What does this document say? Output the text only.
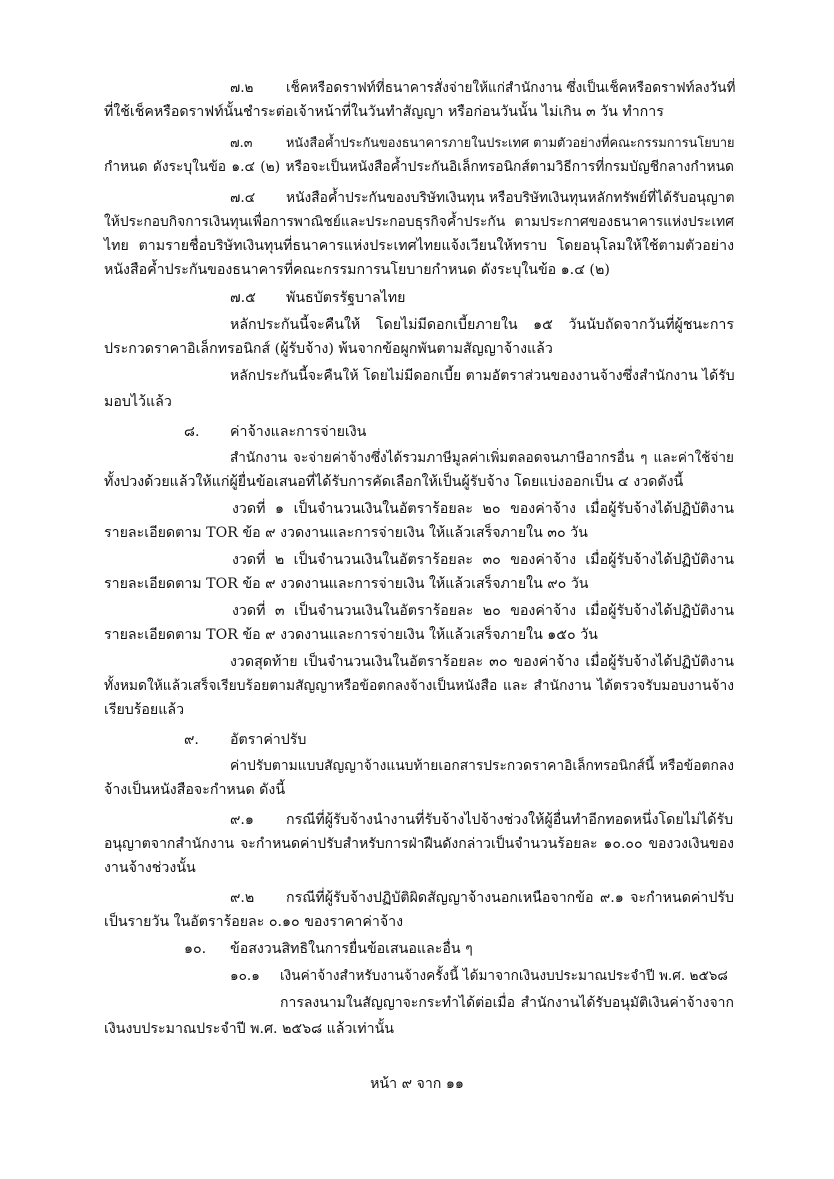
๗.๒ เช็คหรือดราฟท์ที่ธนาคารสั่งจ่ายให้แก่สำนักงาน ซึ่งเป็นเช็คหรือดราฟท์ลงวันที่
ที่ใช้เช็คหรือดราฟท์นั้นชำระต่อเจ้าหน้าที่ในวันทำสัญญา หรือก่อนวันนั้น ไม่เกิน ๓ วัน ทำการ
๗.๓	หนังสือค้ำประกันของธนาคารภายในประเทศ ตามตัวอย่างที่คณะกรรมการนโยบาย
กำหนด ดังระบุในข้อ ๑.๔ (๒) หรือจะเป็นหนังสือค้ำประกันอิเล็กทรอนิกส์ตามวิธีการที่กรมบัญชีกลางกำหนด
๗.๔ หนังสือค้ำประกันของบริษัทเงินทุน หรือบริษัทเงินทุนหลักทรัพย์ที่ได้รับอนุญาต
ให้ประกอบกิจการเงินทุนเพื่อการพาณิชย์และประกอบธุรกิจค้ำประกัน ตามประกาศของธนาคารแห่งประเทศ
ไทย ตามรายชื่อบริษัทเงินทุนที่ธนาคารแห่งประเทศไทยแจ้งเวียนให้ทราบ โดยอนุโลมให้ใช้ตามตัวอย่าง
หนังสือค้ำประกันของธนาคารที่คณะกรรมการนโยบายกำหนด ดังระบุในข้อ ๑.๔ (๒)
๗.๕ พันธบัตรรัฐบาลไทย
หลักประกันนี้จะคืนให้ โดยไม่มีดอกเบี้ยภายใน ๑๕ วันนับถัดจากวันที่ผู้ชนะการ
ประกวดราคาอิเล็กทรอนิกส์ (ผู้รับจ้าง) พ้นจากข้อผูกพันตามสัญญาจ้างแล้ว
หลักประกันนี้จะคืนให้ โดยไม่มีดอกเบี้ย ตามอัตราส่วนของงานจ้างซึ่งสำนักงาน ได้รับ
มอบไว้แล้ว
๘. ค่าจ้างและการจ่ายเงิน
สำนักงาน จะจ่ายค่าจ้างซึ่งได้รวมภาษีมูลค่าเพิ่มตลอดจนภาษีอากรอื่น ๆ และค่าใช้จ่าย
ทั้งปวงด้วยแล้วให้แก่ผู้ยื่นข้อเสนอที่ได้รับการคัดเลือกให้เป็นผู้รับจ้าง โดยแบ่งออกเป็น ๔ งวดดังนี้
งวดที่ ๑ เป็นจำนวนเงินในอัตราร้อยละ ๒๐ ของค่าจ้าง เมื่อผู้รับจ้างได้ปฏิบัติงาน
รายละเอียดตาม TOR ข้อ ๙ งวดงานและการจ่ายเงิน ให้แล้วเสร็จภายใน ๓๐ วัน
งวดที่ ๒ เป็นจำนวนเงินในอัตราร้อยละ ๓๐ ของค่าจ้าง เมื่อผู้รับจ้างได้ปฏิบัติงาน
รายละเอียดตาม TOR ข้อ ๙ งวดงานและการจ่ายเงิน ให้แล้วเสร็จภายใน ๙๐ วัน
งวดที่ ๓ เป็นจำนวนเงินในอัตราร้อยละ ๒๐ ของค่าจ้าง เมื่อผู้รับจ้างได้ปฏิบัติงาน
รายละเอียดตาม TOR ข้อ ๙ งวดงานและการจ่ายเงิน ให้แล้วเสร็จภายใน ๑๕๐ วัน
งวดสุดท้าย เป็นจำนวนเงินในอัตราร้อยละ ๓๐ ของค่าจ้าง เมื่อผู้รับจ้างได้ปฏิบัติงาน
ทั้งหมดให้แล้วเสร็จเรียบร้อยตามสัญญาหรือข้อตกลงจ้างเป็นหนังสือ และ สำนักงาน ได้ตรวจรับมอบงานจ้าง
เรียบร้อยแล้ว
๙. อัตราค่าปรับ
ค่าปรับตามแบบสัญญาจ้างแนบท้ายเอกสารประกวดราคาอิเล็กทรอนิกส์นี้ หรือข้อตกลง
จ้างเป็นหนังสือจะกำหนด ดังนี้
๙.๑ กรณีที่ผู้รับจ้างนำงานที่รับจ้างไปจ้างช่วงให้ผู้อื่นทำอีกทอดหนึ่งโดยไม่ได้รับ
อนุญาตจากสำนักงาน จะกำหนดค่าปรับสำหรับการฝ่าฝืนดังกล่าวเป็นจำนวนร้อยละ ๑๐.๐๐ ของวงเงินของ
งานจ้างช่วงนั้น
๙.๒ กรณีที่ผู้รับจ้างปฏิบัติผิดสัญญาจ้างนอกเหนือจากข้อ ๙.๑ จะกำหนดค่าปรับ
เป็นรายวัน ในอัตราร้อยละ ๐.๑๐ ของราคาค่าจ้าง
๑๐. ข้อสงวนสิทธิในการยื่นข้อเสนอและอื่น ๆ
๑๐.๑ เงินค่าจ้างสำหรับงานจ้างครั้งนี้ ได้มาจากเงินงบประมาณประจำปี พ.ศ. ๒๕๖๘
การลงนามในสัญญาจะกระทำได้ต่อเมื่อ สำนักงานได้รับอนุมัติเงินค่าจ้างจาก
เงินงบประมาณประจำปี พ.ศ. ๒๕๖๘ แล้วเท่านั้น
หน้า ๙ จาก ๑๑
